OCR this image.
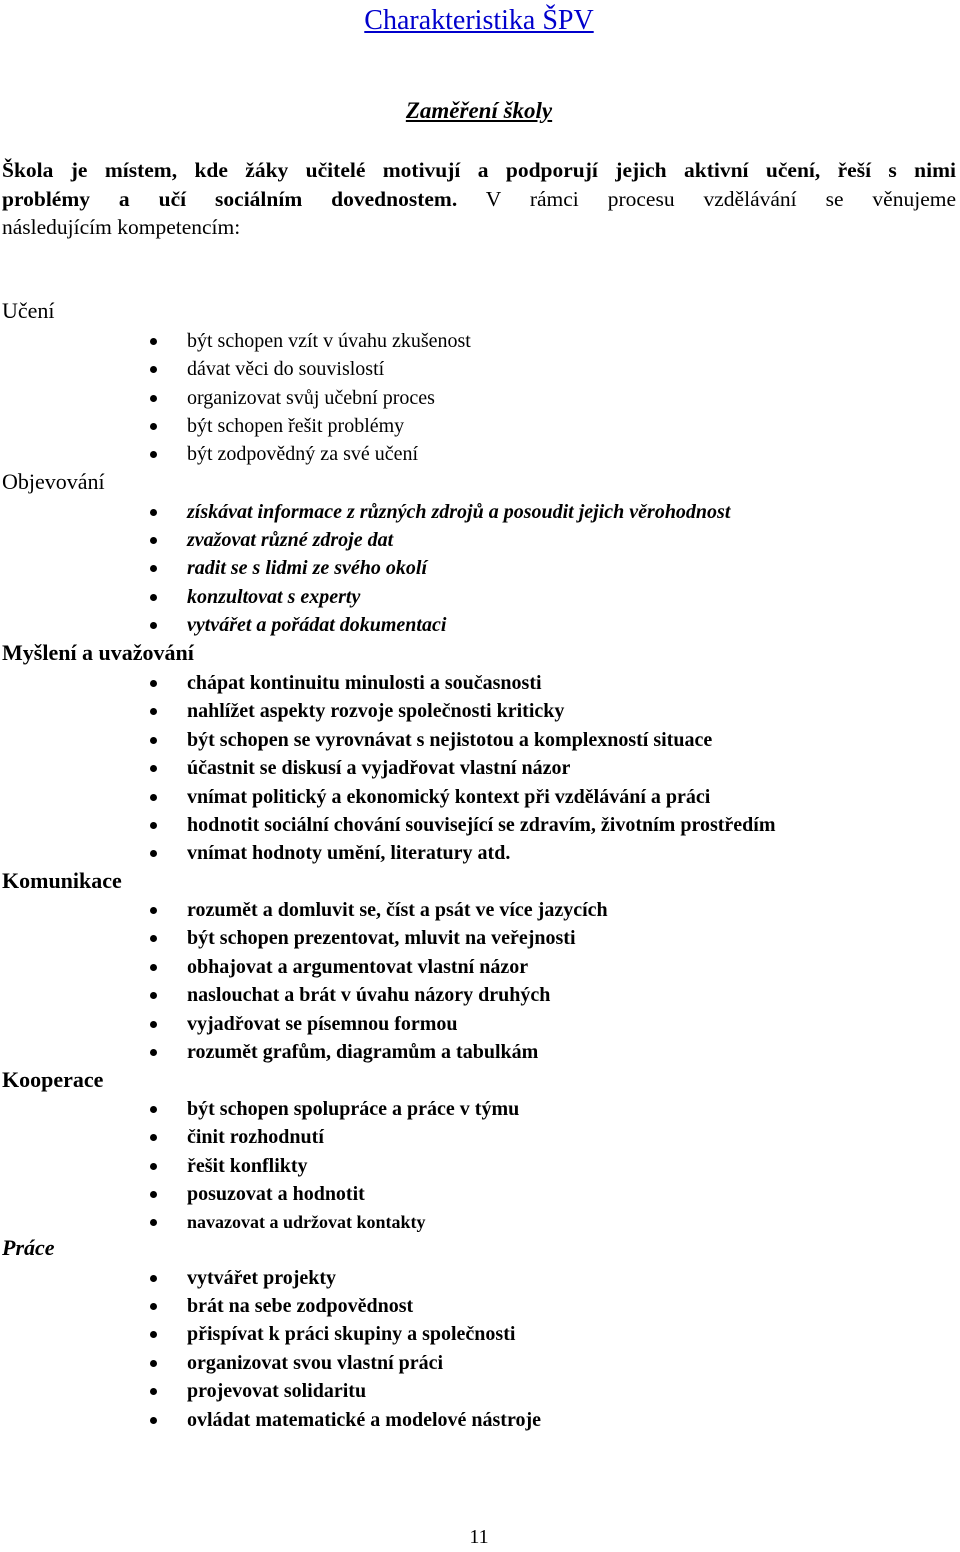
Charakteristika ŠPV
Zaměření školy
Škola je místem, kde žáky učitelé motivují a podporují jejich aktivní učení, řeší s nimi
problémy a učí sociálním dovednostem. V rámci procesu vzdělávání se věnujeme
následujícím kompetencím:
Učení
být schopen vzít v úvahu zkušenost
dávat věci do souvislostí
organizovat svůj učební proces
být schopen řešit problémy
být zodpovědný za své učení
Objevování
získávat informace z různých zdrojů a posoudit jejich věrohodnost
zvažovat různé zdroje dat
radit se s lidmi ze svého okolí
konzultovat s experty
vytvářet a pořádat dokumentaci
Myšlení a uvažování
chápat kontinuitu minulosti a současnosti
nahlížet aspekty rozvoje společnosti kriticky
být schopen se vyrovnávat s nejistotou a komplexností situace
účastnit se diskusí a vyjadřovat vlastní názor
vnímat politický a ekonomický kontext při vzdělávání a práci
hodnotit sociální chování související se zdravím, životním prostředím
vnímat hodnoty umění, literatury atd.
Komunikace
rozumět a domluvit se, číst a psát ve více jazycích
být schopen prezentovat, mluvit na veřejnosti
obhajovat a argumentovat vlastní názor
naslouchat a brát v úvahu názory druhých
vyjadřovat se písemnou formou
rozumět grafům, diagramům a tabulkám
Kooperace
být schopen spolupráce a práce v týmu
činit rozhodnutí
řešit konflikty
posuzovat a hodnotit
navazovat a udržovat kontakty
Práce
vytvářet projekty
brát na sebe zodpovědnost
přispívat k práci skupiny a společnosti
organizovat svou vlastní práci
projevovat solidaritu
ovládat matematické a modelové nástroje
11
